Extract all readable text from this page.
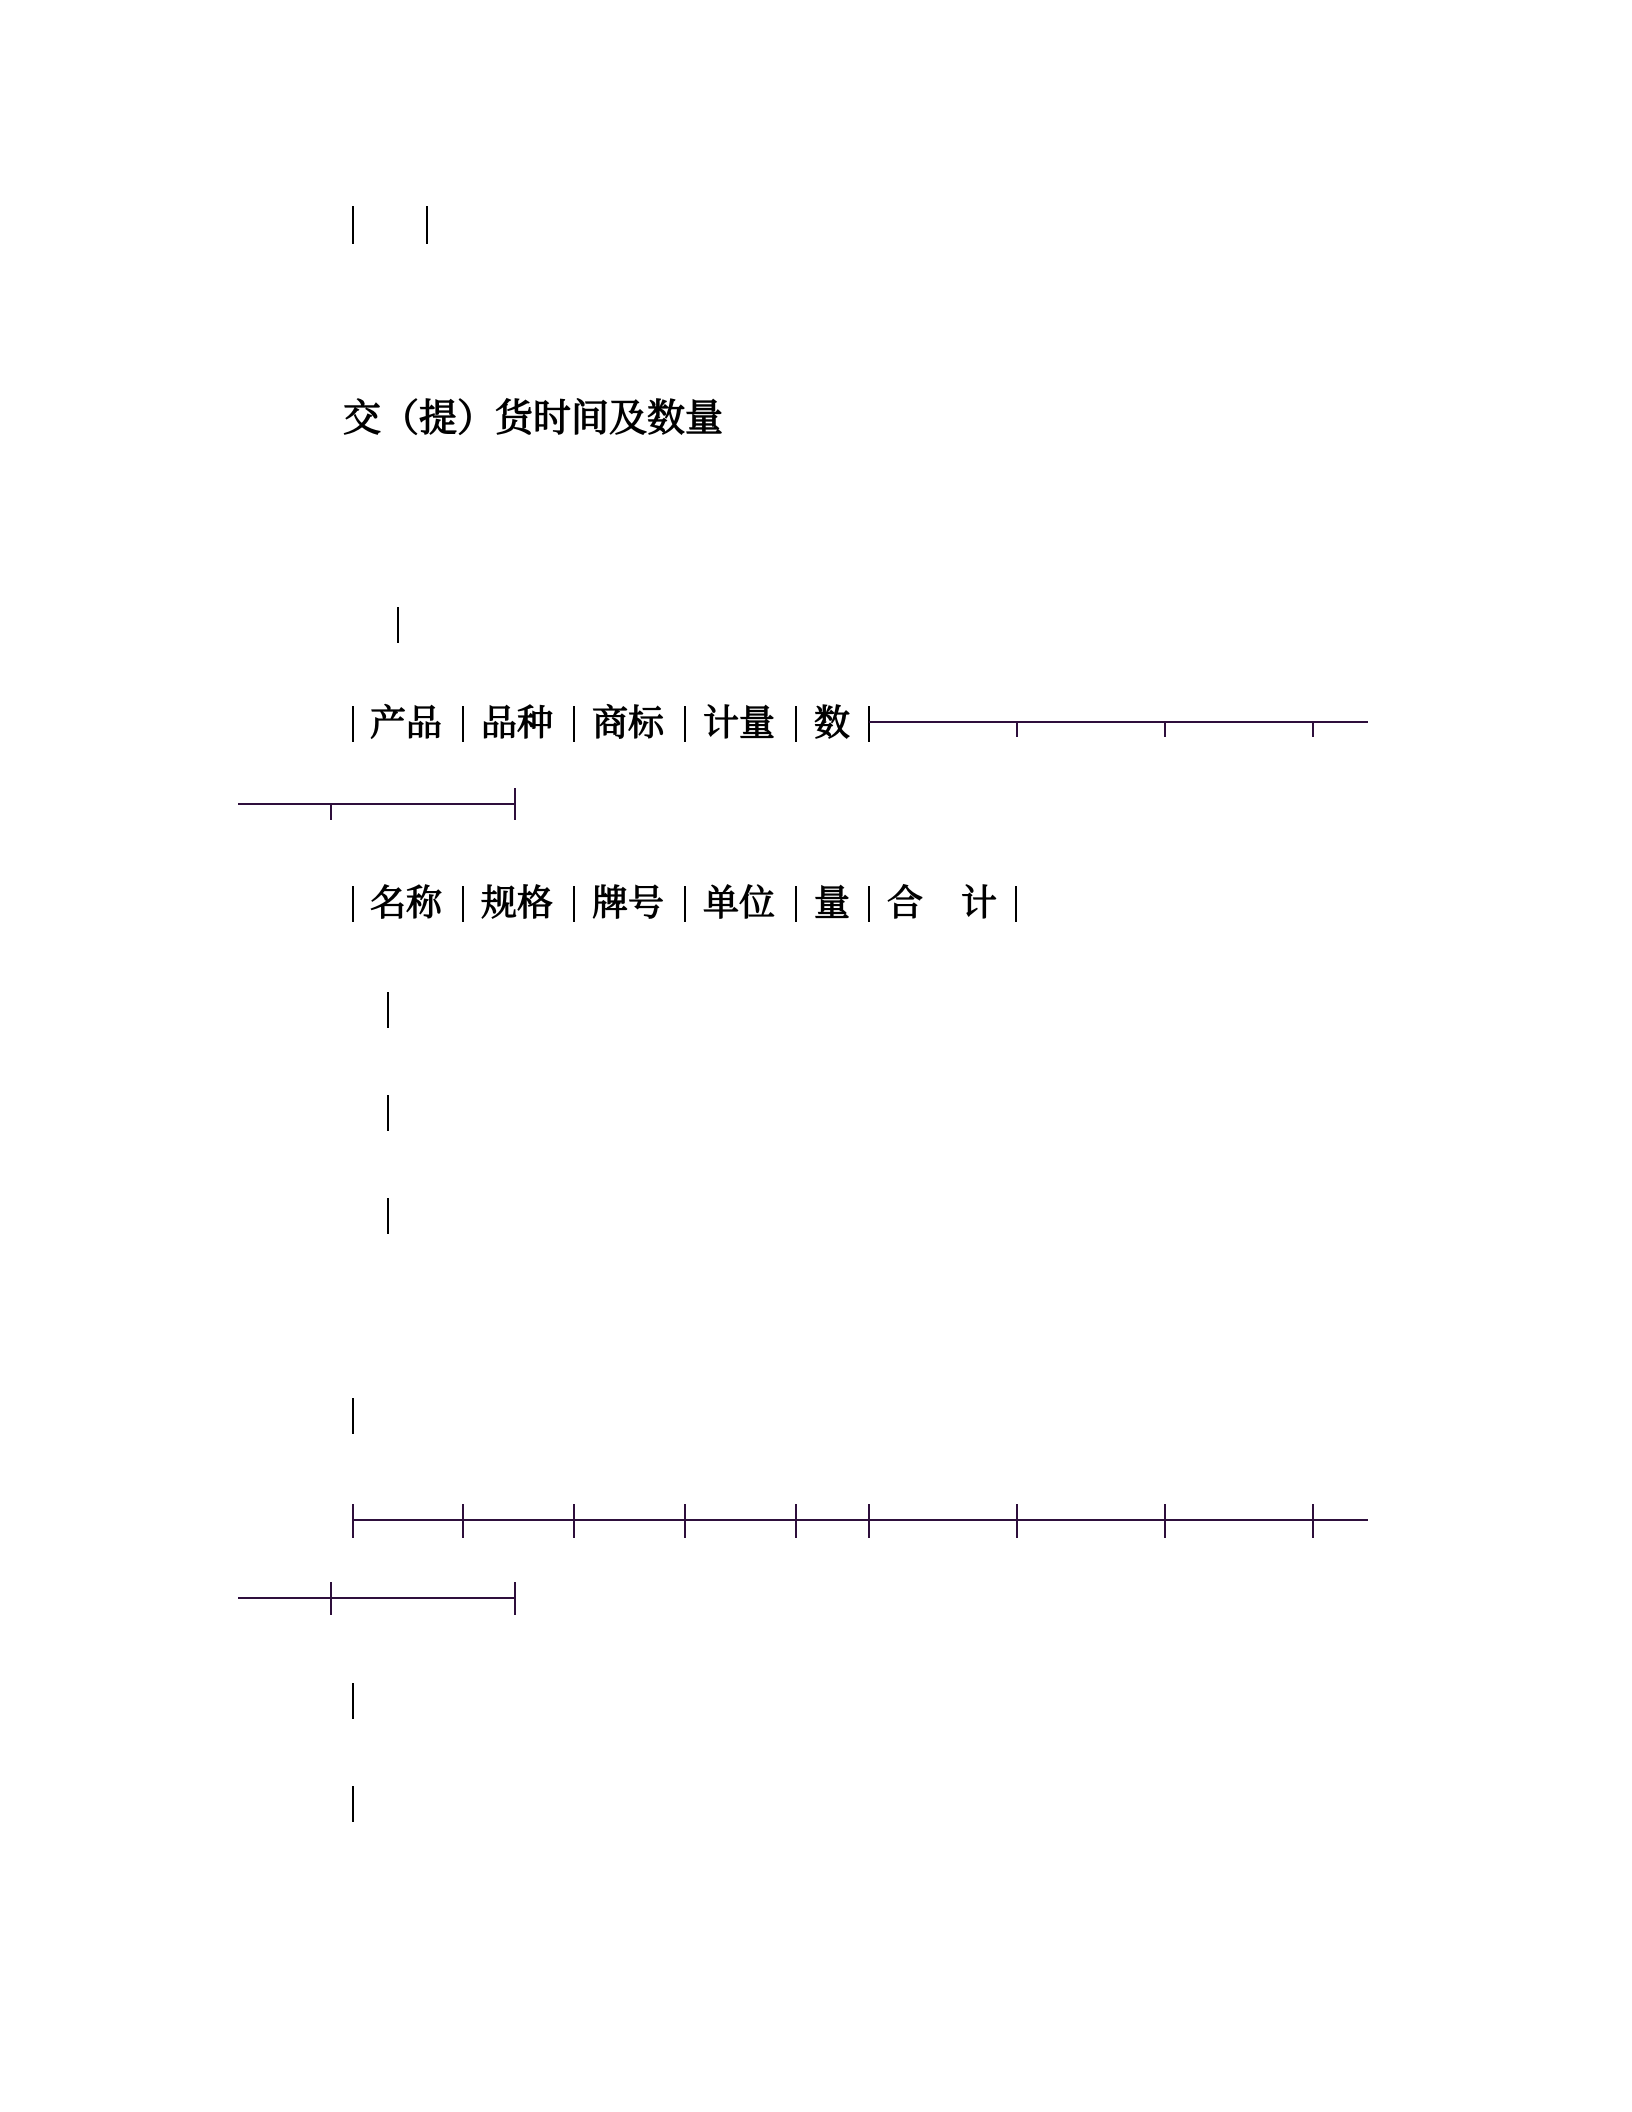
交（提）货时间及数量
产品 品种 商标 计量 数
名称 规格 牌号 单位 量 合 计
